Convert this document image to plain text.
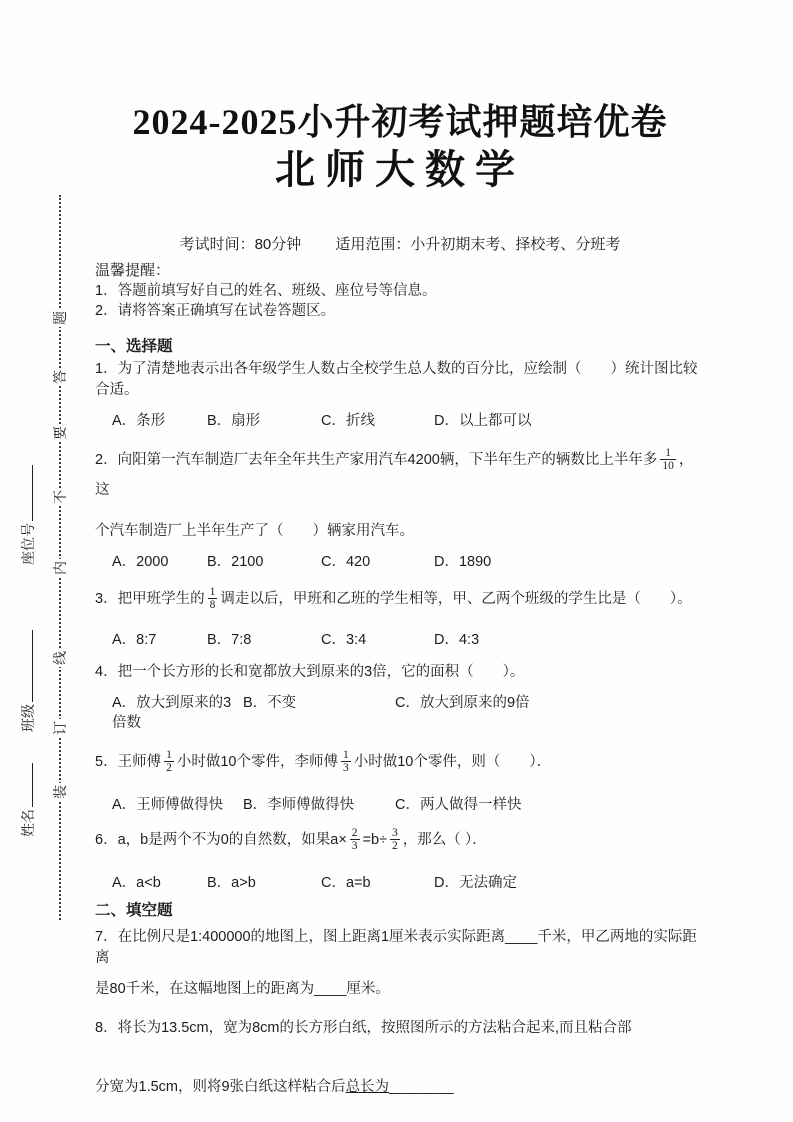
题
答
要
不
内
线
订
装
座位号
班级
姓名
2024-2025小升初考试押题培优卷
北师大数学
考试时间：80分钟 适用范围：小升初期末考、择校考、分班考
温馨提醒：
1．答题前填写好自己的姓名、班级、座位号等信息。
2．请将答案正确填写在试卷答题区。
一、选择题

1．为了清楚地表示出各年级学生人数占全校学生总人数的百分比，应绘制（　　）统计图比较合适。

A．条形	B．扇形	C．折线	D．以上都可以

2．向阳第一汽车制造厂去年全年共生产家用汽车4200辆，下半年生产的辆数比上半年多 $\frac{1}{10}$ ，这

个汽车制造厂上半年生产了（　　）辆家用汽车。

A．2000	B．2100	C．420	D．1890

3．把甲班学生的 $\frac{1}{8}$ 调走以后，甲班和乙班的学生相等，甲、乙两个班级的学生比是（　　）。

A．8:7	B．7:8	C．3:4	D．4:3

4．把一个长方形的长和宽都放大到原来的3倍，它的面积（　　）。

A．放大到原来的3倍数
B．不变	C．放大到原来的9倍

5．王师傅 $\frac{1}{2}$ 小时做10个零件，李师傅 $\frac{1}{3}$ 小时做10个零件，则（　　）．

A．王师傅做得快	B．李师傅做得快	C．两人做得一样快

6．a，b是两个不为0的自然数，如果$a\times \frac{2}{3} =b\div \frac{3}{2}$ ，那么（ ）．

A．a<b	B．a>b	C．a=b	D．无法确定
二、填空题

7．在比例尺是1:400000的地图上，图上距离1厘米表示实际距离____千米，甲乙两地的实际距离

是80千米，在这幅地图上的距离为____厘米。

8．将长为13.5cm，宽为8cm的长方形白纸，按照图所示的方法粘合起来,而且粘合部

分宽为1.5cm，则将9张白纸这样粘合后总长为________
